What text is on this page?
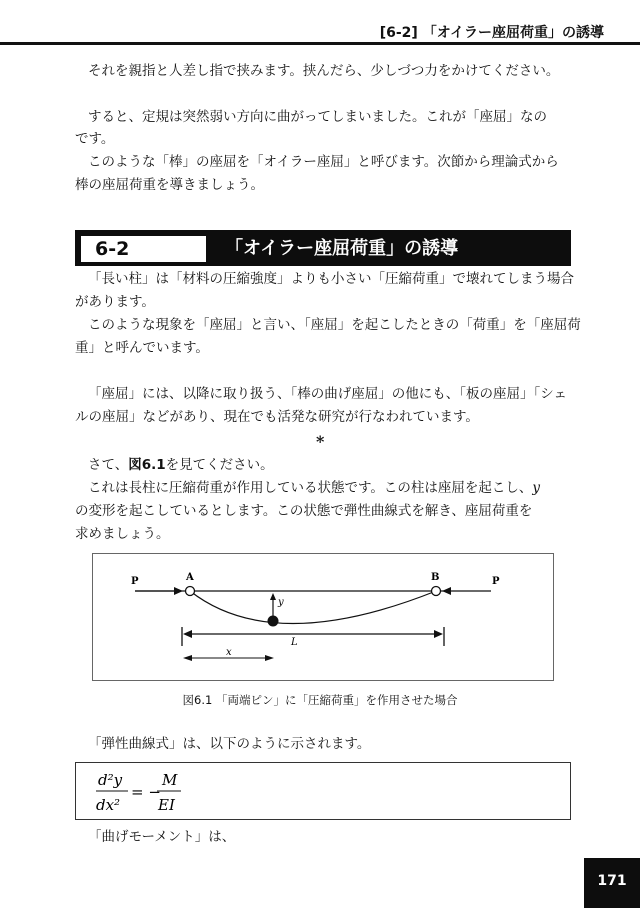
[6-2] 「オイラー座屈荷重」の誘導

それを親指と人差し指で挟みます。挟んだら、少しづつ力をかけてください。

すると、定規は突然弱い方向に曲がってしまいました。これが「座屈」なの

です。

このような「棒」の座屈を「オイラー座屈」と呼びます。次節から理論式から

棒の座屈荷重を導きましょう。

6-2	「オイラー座屈荷重」の誘導

「長い柱」は「材料の圧縮強度」よりも小さい「圧縮荷重」で壊れてしまう場合

があります。

このような現象を「座屈」と言い、「座屈」を起こしたときの「荷重」を「座屈荷

重」と呼んでいます。

「座屈」には、以降に取り扱う、「棒の曲げ座屈」の他にも、「板の座屈」「シェ

ルの座屈」などがあり、現在でも活発な研究が行なわれています。

*

さて、図6.1を見てください。

これは長柱に圧縮荷重が作用している状態です。この柱は座屈を起こし、y

の変形を起こしているとします。この状態で弾性曲線式を解き、座屈荷重を

求めましょう。

P	P
A	B
y
L
x
図6.1 「両端ピン」に「圧縮荷重」を作用させた場合

「弾性曲線式」は、以下のように示されます。

d²y
dx²
= −
M
EI

「曲げモーメント」は、

171
